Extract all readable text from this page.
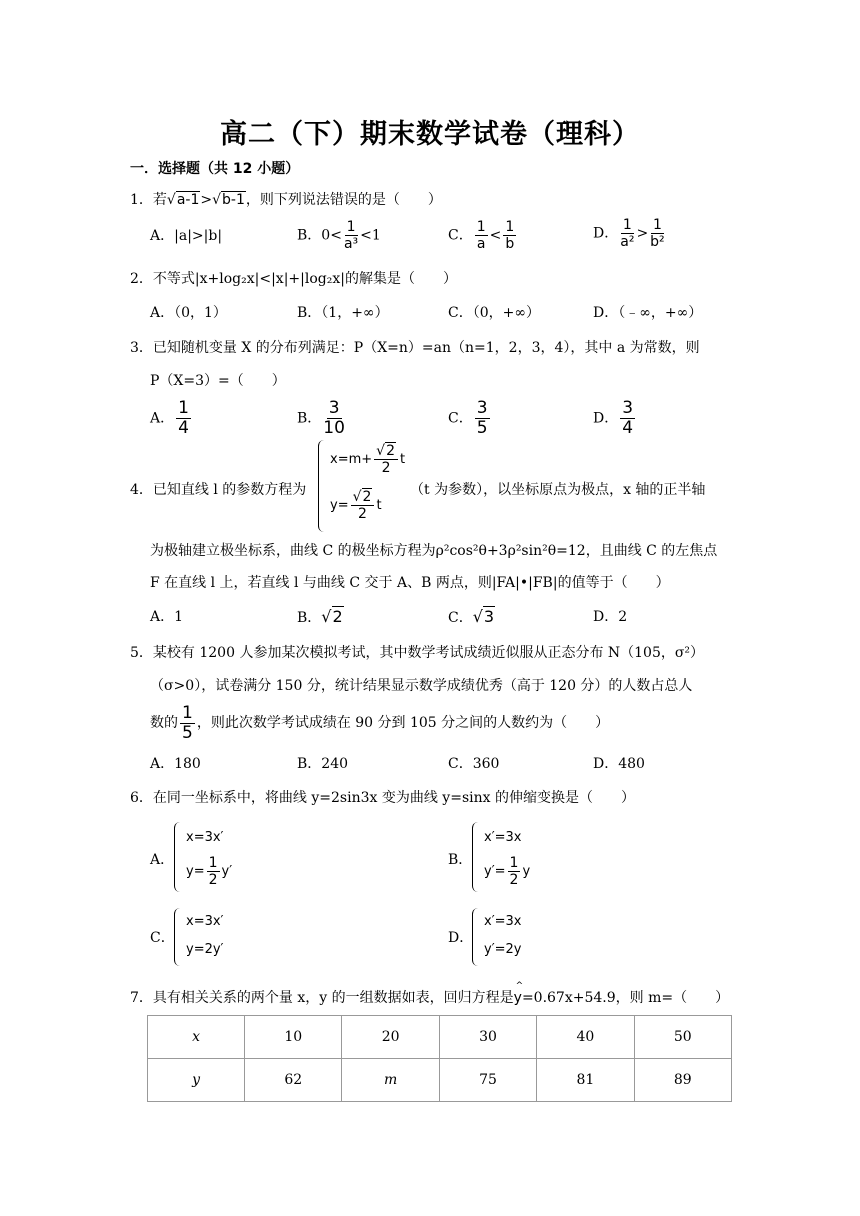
高二（下）期末数学试卷（理科）
一．选择题（共 12 小题）
1．若√a-1>√b-1，则下列说法错误的是（　　）
A．|a|>|b|	B．$0< \frac{1}{\text{a³}} <1$	C． $\frac{1}{a} < \frac{1}{b}$	D． $\frac{1}{\text{a²}} > \frac{1}{\text{b²}}$
2．不等式|x+log₂x|<|x|+|log₂x|的解集是（　　）
A．（0，1）	B．（1，+∞）	C．（0，+∞）	D．（﹣∞，+∞）
3．已知随机变量 X 的分布列满足：P（X=n）=an（n=1，2，3，4），其中 a 为常数，则
P（X=3）=（　　）
A． $\frac{1}{4}$	B． $\frac{3}{10}$	C． $\frac{3}{5}$	D． $\frac{3}{4}$
4．已知直线 l 的参数方程为
$x=m+ \frac{√2}{2}$ t
$y= \frac{√2}{2}$ t
（t 为参数），以坐标原点为极点，x 轴的正半轴
为极轴建立极坐标系，曲线 C 的极坐标方程为ρ²cos²θ+3ρ²sin²θ=12，且曲线 C 的左焦点
F 在直线 l 上，若直线 l 与曲线 C 交于 A、B 两点，则|FA|•|FB|的值等于（　　）
A．1	B．√2	C．√3	D．2
5．某校有 1200 人参加某次模拟考试，其中数学考试成绩近似服从正态分布 N（105，σ²）
（σ>0），试卷满分 150 分，统计结果显示数学成绩优秀（高于 120 分）的人数占总人
数的 $\frac{1}{5}$ ，则此次数学考试成绩在 90 分到 105 分之间的人数约为（　　）
A．180	B．240	C．360	D．480
6．在同一坐标系中，将曲线 y=2sin3x 变为曲线 y=sinx 的伸缩变换是（　　）
A．
x=3x′
$y= \frac{1}{2} y'$
B．
x′=3x
$y'= \frac{1}{2}$ y
C．
x=3x′
y=2y′
D．
x′=3x
y′=2y
7．具有相关关系的两个量 x，y 的一组数据如表，回归方程是^ y=0.67x+54.9，则 m=（　　）
x	10	20	30	40	50
y	62	m	75	81	89
